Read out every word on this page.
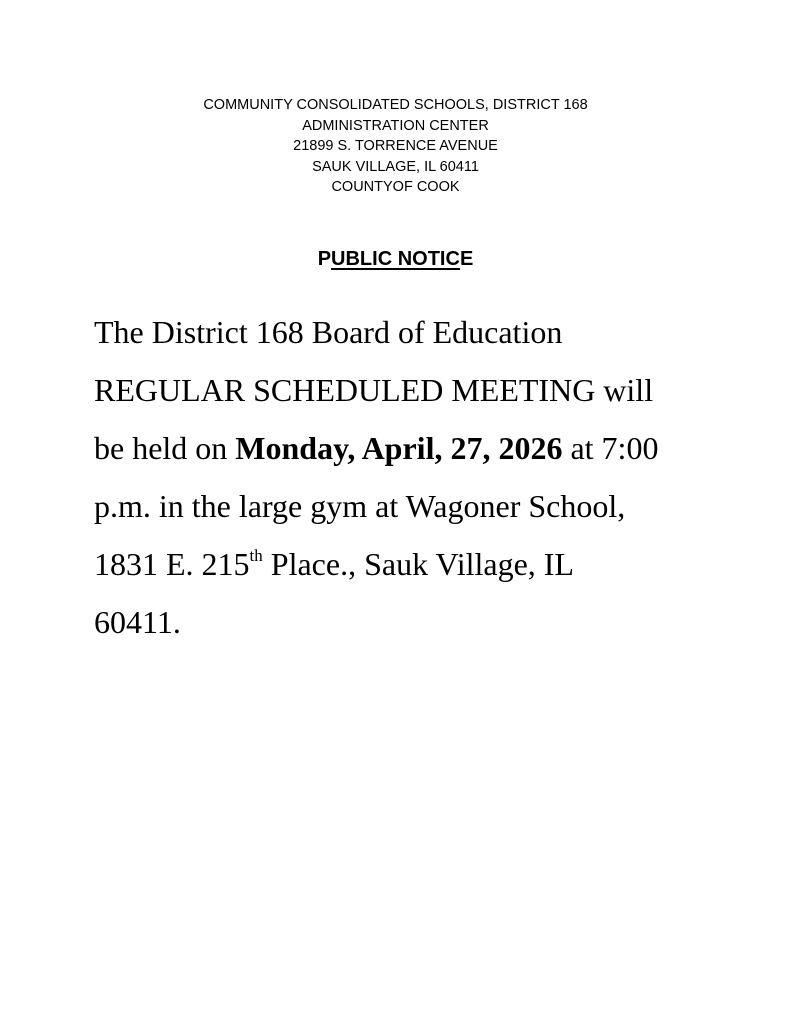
COMMUNITY CONSOLIDATED SCHOOLS, DISTRICT 168
ADMINISTRATION CENTER
21899 S. TORRENCE AVENUE
SAUK VILLAGE, IL 60411
COUNTYOF COOK
PUBLIC NOTICE
The District 168 Board of Education
REGULAR SCHEDULED MEETING will
be held on Monday, April, 27, 2026 at 7:00
p.m. in the large gym at Wagoner School,
1831 E. 215th Place., Sauk Village, IL
60411.
